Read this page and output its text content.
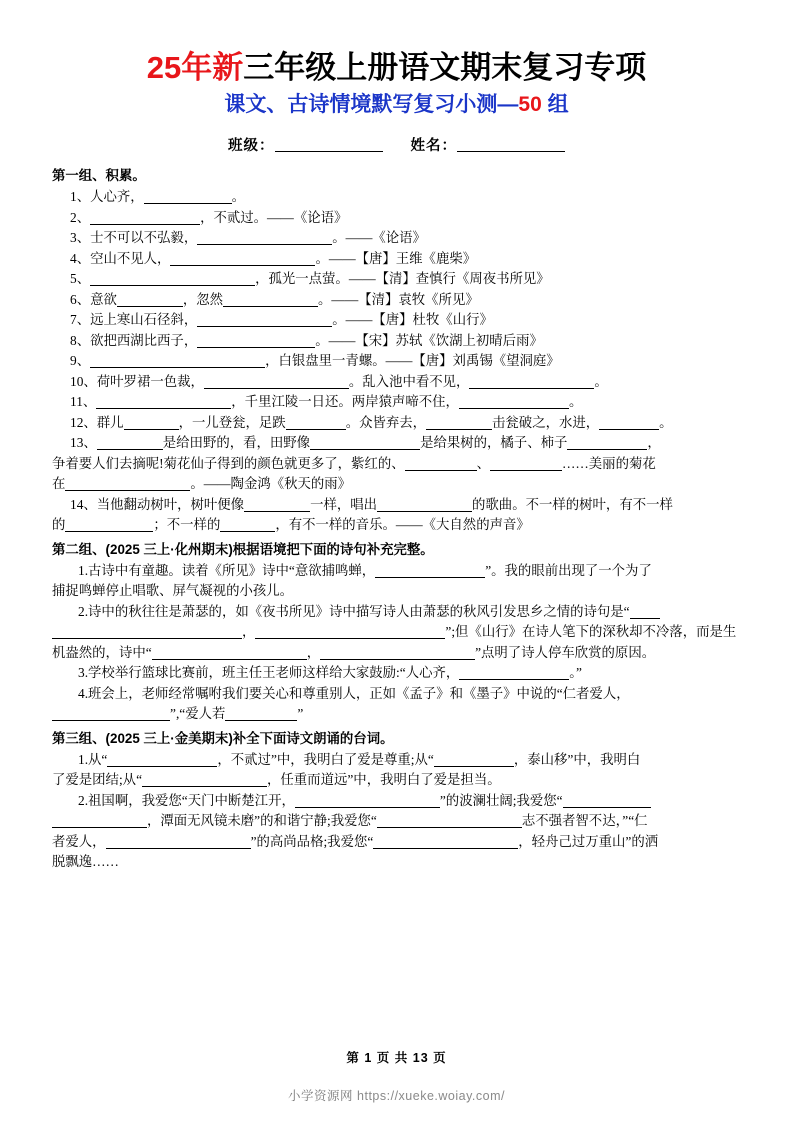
25年新三年级上册语文期末复习专项
课文、古诗情境默写复习小测—50 组
班级：	姓名：
第一组、积累。
1、人心齐，	。
2、	，不贰过。——《论语》
3、士不可以不弘毅，	。——《论语》
4、空山不见人，	。——【唐】王维《鹿柴》
5、	，孤光一点萤。——【清】查慎行《周夜书所见》
6、意欲	，忽然	。——【清】袁牧《所见》
7、远上寒山石径斜，	。——【唐】杜牧《山行》
8、欲把西湖比西子，	。——【宋】苏轼《饮湖上初晴后雨》
9、	，白银盘里一青螺。——【唐】刘禹锡《望洞庭》
10、荷叶罗裙一色裁，	。乱入池中看不见，	。
11、	，千里江陵一日还。两岸猿声啼不住，	。
12、群儿	，一儿登瓮，足跌	。众皆弃去，	击瓮破之，水进，	。
13、	是给田野的，看，田野像	是给果树的，橘子、柿子	，
争着要人们去摘呢!菊花仙子得到的颜色就更多了，紫红的、	、	……美丽的菊花
在	。——陶金鸿《秋天的雨》
14、当他翻动树叶，树叶便像	一样，唱出	的歌曲。不一样的树叶，有不一样
的	；不一样的	，有不一样的音乐。——《大自然的声音》
第二组、(2025 三上·化州期末)根据语境把下面的诗句补充完整。
1.古诗中有童趣。读着《所见》诗中“意欲捕鸣蝉，	”。我的眼前出现了一个为了
捕捉鸣蝉停止唱歌、屏气凝视的小孩儿。
2.诗中的秋往往是萧瑟的，如《夜书所见》诗中描写诗人由萧瑟的秋风引发思乡之情的诗句是“
，	”;但《山行》在诗人笔下的深秋却不冷落，而是生
机盎然的，诗中“	，	”点明了诗人停车欣赏的原因。
3.学校举行篮球比赛前，班主任王老师这样给大家鼓励:“人心齐，	。”
4.班会上，老师经常嘱咐我们要关心和尊重别人，正如《孟子》和《墨子》中说的“仁者爱人，
”,“爱人若	”
第三组、(2025 三上·金美期末)补全下面诗文朗诵的台词。
1.从“	，不贰过”中，我明白了爱是尊重;从“	，泰山移”中，我明白
了爱是团结;从“	，任重而道远”中，我明白了爱是担当。
2.祖国啊，我爱您“天门中断楚江开，	”的波澜壮阔;我爱您“
，潭面无风镜未磨”的和谐宁静;我爱您“	志不强者智不达，”“仁
者爱人，	”的高尚品格;我爱您“	，轻舟己过万重山”的洒
脱飘逸……
第 1 页 共 13 页
小学资源网 https://xueke.woiay.com/
